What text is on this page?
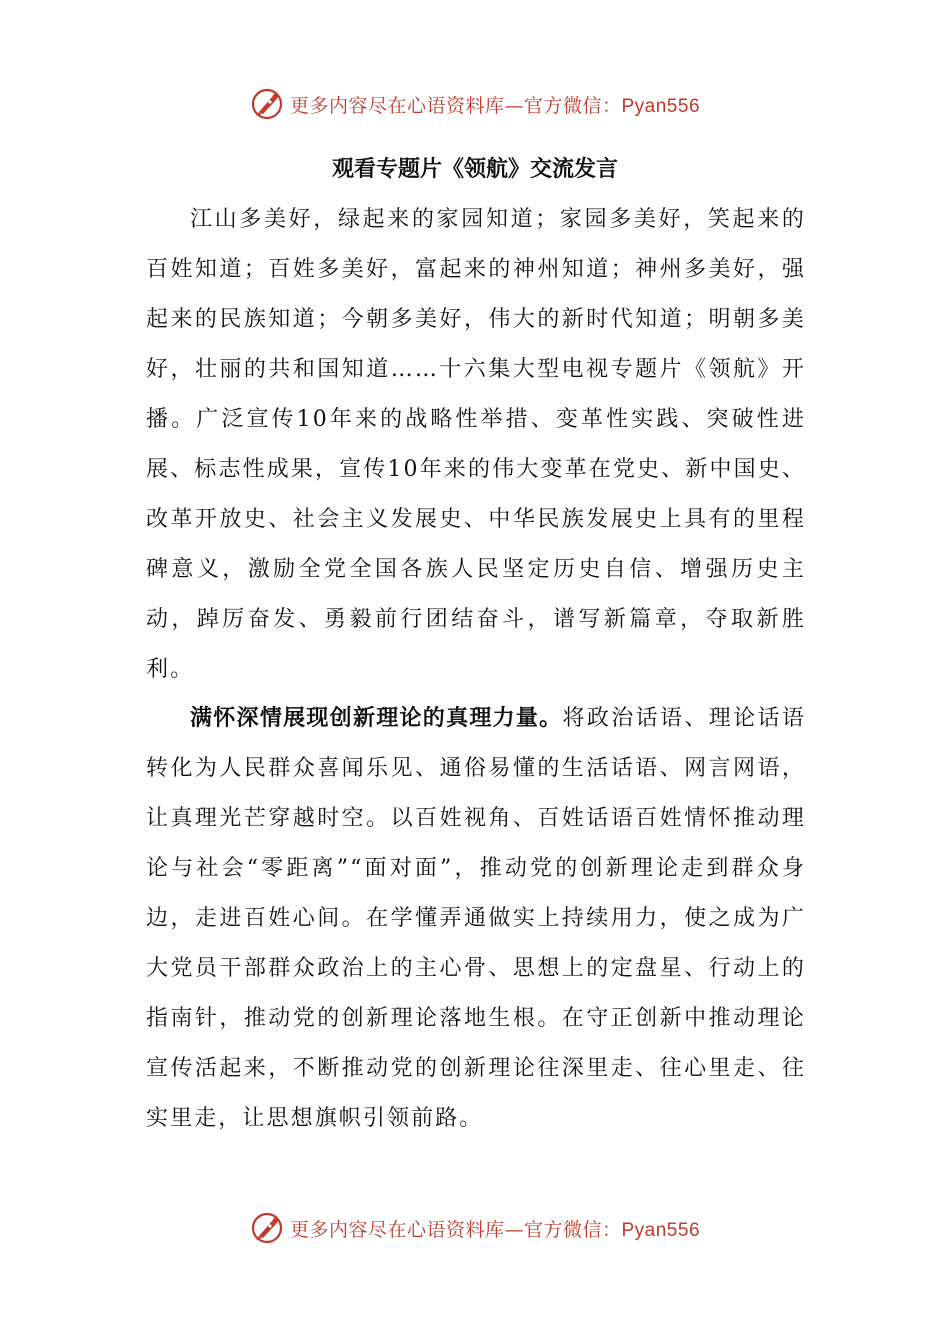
更多内容尽在心语资料库—官方微信：Pyan556
观看专题片《领航》交流发言

江山多美好，绿起来的家园知道；家园多美好，笑起来的百姓知道；百姓多美好，富起来的神州知道；神州多美好，强起来的民族知道；今朝多美好，伟大的新时代知道；明朝多美好，壮丽的共和国知道……十六集大型电视专题片《领航》开播。广泛宣传10年来的战略性举措、变革性实践、突破性进展、标志性成果，宣传10年来的伟大变革在党史、新中国史、改革开放史、社会主义发展史、中华民族发展史上具有的里程碑意义，激励全党全国各族人民坚定历史自信、增强历史主动，踔厉奋发、勇毅前行团结奋斗，谱写新篇章，夺取新胜利。

满怀深情展现创新理论的真理力量。将政治话语、理论话语转化为人民群众喜闻乐见、通俗易懂的生活话语、网言网语，让真理光芒穿越时空。以百姓视角、百姓话语百姓情怀推动理论与社会“零距离”“面对面”，推动党的创新理论走到群众身边，走进百姓心间。在学懂弄通做实上持续用力，使之成为广大党员干部群众政治上的主心骨、思想上的定盘星、行动上的指南针，推动党的创新理论落地生根。在守正创新中推动理论宣传活起来，不断推动党的创新理论往深里走、往心里走、往实里走，让思想旗帜引领前路。

更多内容尽在心语资料库—官方微信：Pyan556
